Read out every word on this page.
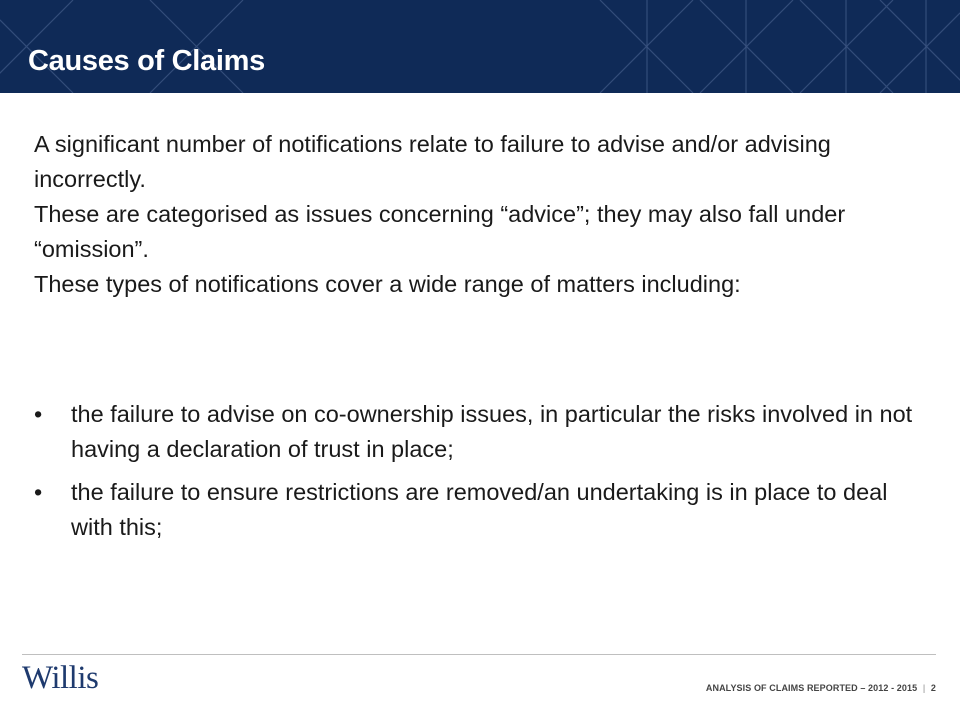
Causes of Claims

A significant number of notifications relate to failure to advise and/or advising incorrectly.

These are categorised as issues concerning “advice”; they may also fall under “omission”.

These types of notifications cover a wide range of matters including:

• the failure to advise on co-ownership issues, in particular the risks involved in not having a declaration of trust in place;
• the failure to ensure restrictions are removed/an undertaking is in place to deal with this;
Willis	ANALYSIS OF CLAIMS REPORTED – 2012 - 2015 | 2
